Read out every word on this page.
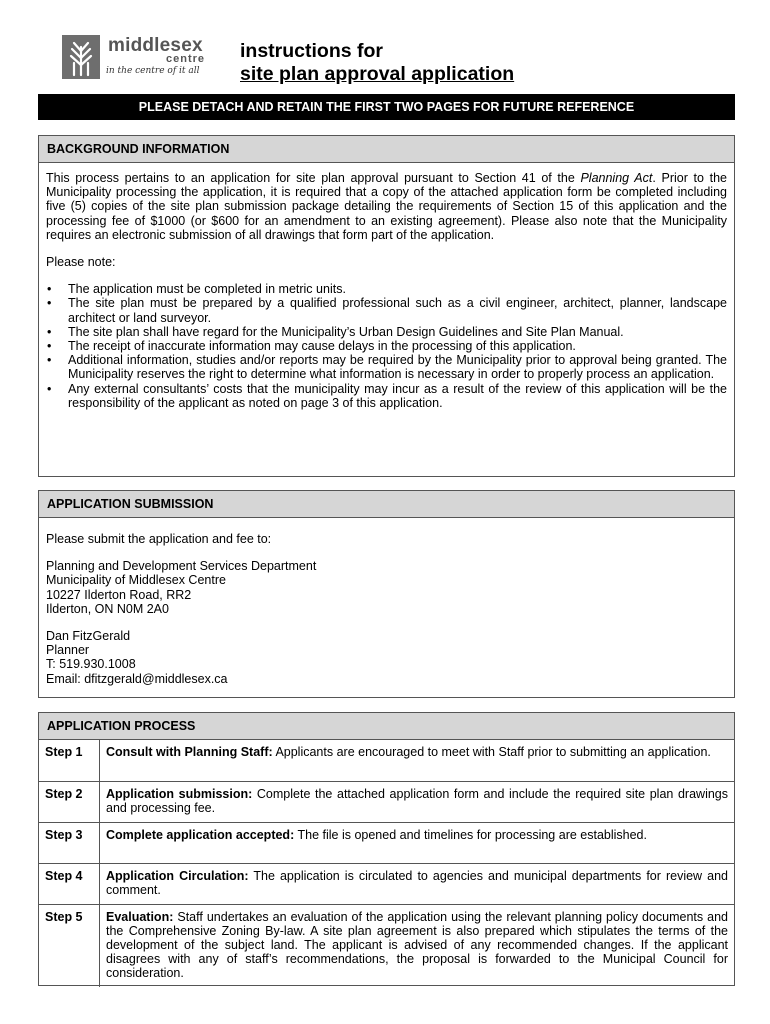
middlesex
centre
in the centre of it all
instructions for
site plan approval application
PLEASE DETACH AND RETAIN THE FIRST TWO PAGES FOR FUTURE REFERENCE
BACKGROUND INFORMATION

This process pertains to an application for site plan approval pursuant to Section 41 of the Planning Act. Prior to the Municipality processing the application, it is required that a copy of the attached application form be completed including five (5) copies of the site plan submission package detailing the requirements of Section 15 of this application and the processing fee of $1000 (or $600 for an amendment to an existing agreement). Please also note that the Municipality requires an electronic submission of all drawings that form part of the application.

Please note:

• The application must be completed in metric units.
• The site plan must be prepared by a qualified professional such as a civil engineer, architect, planner, landscape architect or land surveyor.
• The site plan shall have regard for the Municipality’s Urban Design Guidelines and Site Plan Manual.
• The receipt of inaccurate information may cause delays in the processing of this application.
• Additional information, studies and/or reports may be required by the Municipality prior to approval being granted. The Municipality reserves the right to determine what information is necessary in order to properly process an application.
• Any external consultants’ costs that the municipality may incur as a result of the review of this application will be the responsibility of the applicant as noted on page 3 of this application.
APPLICATION SUBMISSION

Please submit the application and fee to:

Planning and Development Services Department
Municipality of Middlesex Centre
10227 Ilderton Road, RR2
Ilderton, ON N0M 2A0

Dan FitzGerald
Planner
T: 519.930.1008
Email: dfitzgerald@middlesex.ca

APPLICATION PROCESS
Step 1	Consult with Planning Staff: Applicants are encouraged to meet with Staff prior to submitting an application.
Step 2	Application submission: Complete the attached application form and include the required site plan drawings and processing fee.
Step 3	Complete application accepted: The file is opened and timelines for processing are established.
Step 4	Application Circulation: The application is circulated to agencies and municipal departments for review and comment.
Step 5	Evaluation: Staff undertakes an evaluation of the application using the relevant planning policy documents and the Comprehensive Zoning By-law. A site plan agreement is also prepared which stipulates the terms of the development of the subject land. The applicant is advised of any recommended changes. If the applicant disagrees with any of staff’s recommendations, the proposal is forwarded to the Municipal Council for consideration.
